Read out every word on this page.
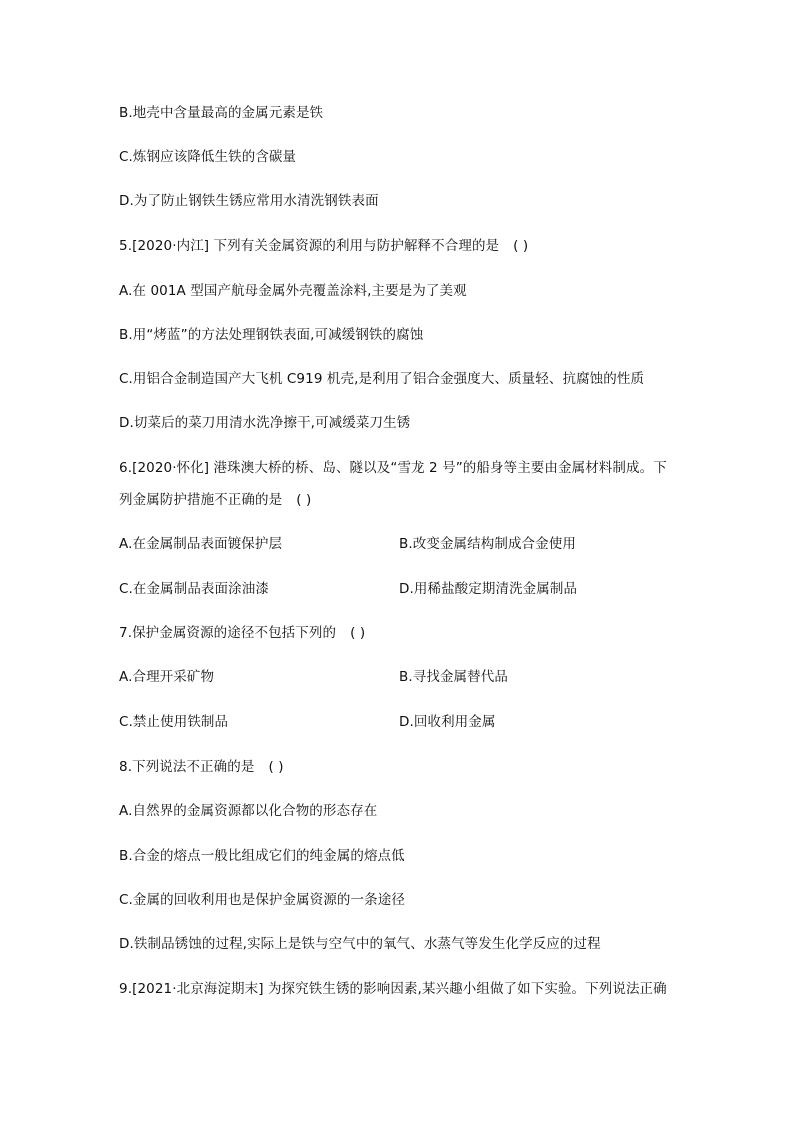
B.地壳中含量最高的金属元素是铁
C.炼钢应该降低生铁的含碳量
D.为了防止钢铁生锈应常用水清洗钢铁表面
5.[2020·内江] 下列有关金属资源的利用与防护解释不合理的是 ( )
A.在 001A 型国产航母金属外壳覆盖涂料,主要是为了美观
B.用“烤蓝”的方法处理钢铁表面,可减缓钢铁的腐蚀
C.用铝合金制造国产大飞机 C919 机壳,是利用了铝合金强度大、质量轻、抗腐蚀的性质
D.切菜后的菜刀用清水洗净擦干,可减缓菜刀生锈
6.[2020·怀化] 港珠澳大桥的桥、岛、隧以及“雪龙 2 号”的船身等主要由金属材料制成。下
列金属防护措施不正确的是 ( )
A.在金属制品表面镀保护层	B.改变金属结构制成合金使用
C.在金属制品表面涂油漆	D.用稀盐酸定期清洗金属制品
7.保护金属资源的途径不包括下列的 ( )
A.合理开采矿物	B.寻找金属替代品
C.禁止使用铁制品	D.回收利用金属
8.下列说法不正确的是 ( )
A.自然界的金属资源都以化合物的形态存在
B.合金的熔点一般比组成它们的纯金属的熔点低
C.金属的回收利用也是保护金属资源的一条途径
D.铁制品锈蚀的过程,实际上是铁与空气中的氧气、水蒸气等发生化学反应的过程
9.[2021·北京海淀期末] 为探究铁生锈的影响因素,某兴趣小组做了如下实验。下列说法正确
